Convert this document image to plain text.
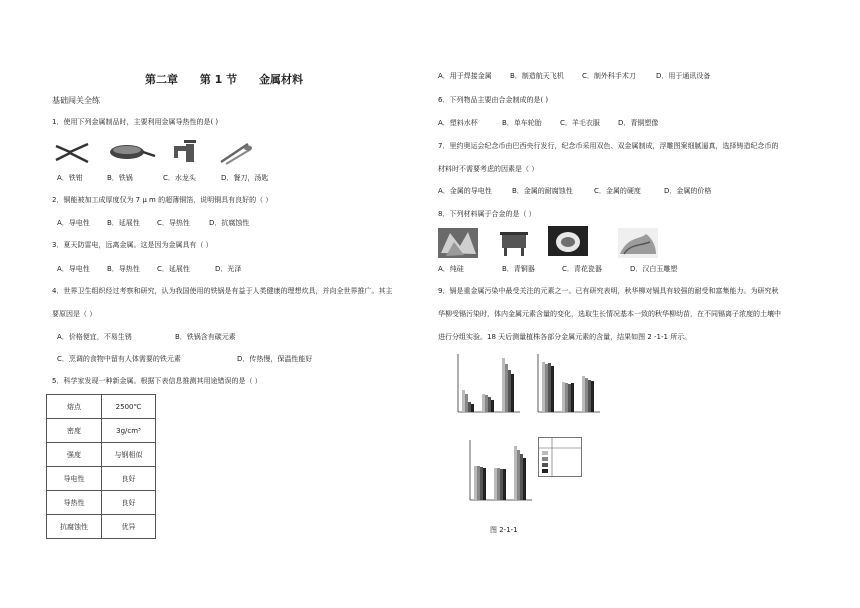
第二章 第 1 节 金属材料
基础闯关全练
1．使用下列金属制品时，主要利用金属导热性的是( )
A．铁钳	B．铁锅	C．水龙头	D．餐刀，汤匙
2．铜能被加工成厚度仅为 7 μ m 的超薄铜箔，说明铜具有良好的（ ）
A．导电性 B．延展性 C．导热性	D．抗腐蚀性
3．夏天防雷电，远离金属。这是因为金属具有（ ）
A．导电性 B．导热性 C．延展性	D．光泽
4．世界卫生组织经过考察和研究，认为我国使用的铁锅是有益于人类健康的理想炊具，并向全世界推广。其主
要原因是（ ）
A．价格便宜，不易生锈	B．铁锅含有碳元素
C．烹调的食物中留有人体需要的铁元素	D．传热慢，保温性能好
5．科学家发现一种新金属。根据下表信息推测其用途错误的是（ ）
熔点	2500℃
密度	3g/cm³
强度	与钢相似
导电性	良好
导热性	良好
抗腐蚀性	优异
A．用于焊接金属	B．制造航天飞机	C．制外科手术刀	D．用于通讯设备
6．下列物品主要由合金制成的是( )
A．塑料水杯	B．单车轮胎	C．羊毛衣服	D．青铜塑像
7．里约奥运会纪念币由巴西央行发行，纪念币采用双色、双金属制成，浮雕图案细腻逼真，选择铸造纪念币的
材料时不需要考虑的因素是（ ）
A．金属的导电性	B．金属的耐腐蚀性	C．金属的硬度	D．金属的价格
8．下列材料属于合金的是（ ）
A．纯硅	B．青铜器	C．青花瓷器	D．汉白玉雕塑
9．镉是重金属污染中最受关注的元素之一。已有研究表明，秋华柳对镉具有较强的耐受和富集能力。为研究秋
华柳受镉污染时，体内金属元素含量的变化，选取生长情况基本一致的秋华柳幼苗，在不同镉离子浓度的土壤中
进行分组实验。18 天后测量植株各部分金属元素的含量，结果如图 2 -1-1 所示。
图 2-1-1
